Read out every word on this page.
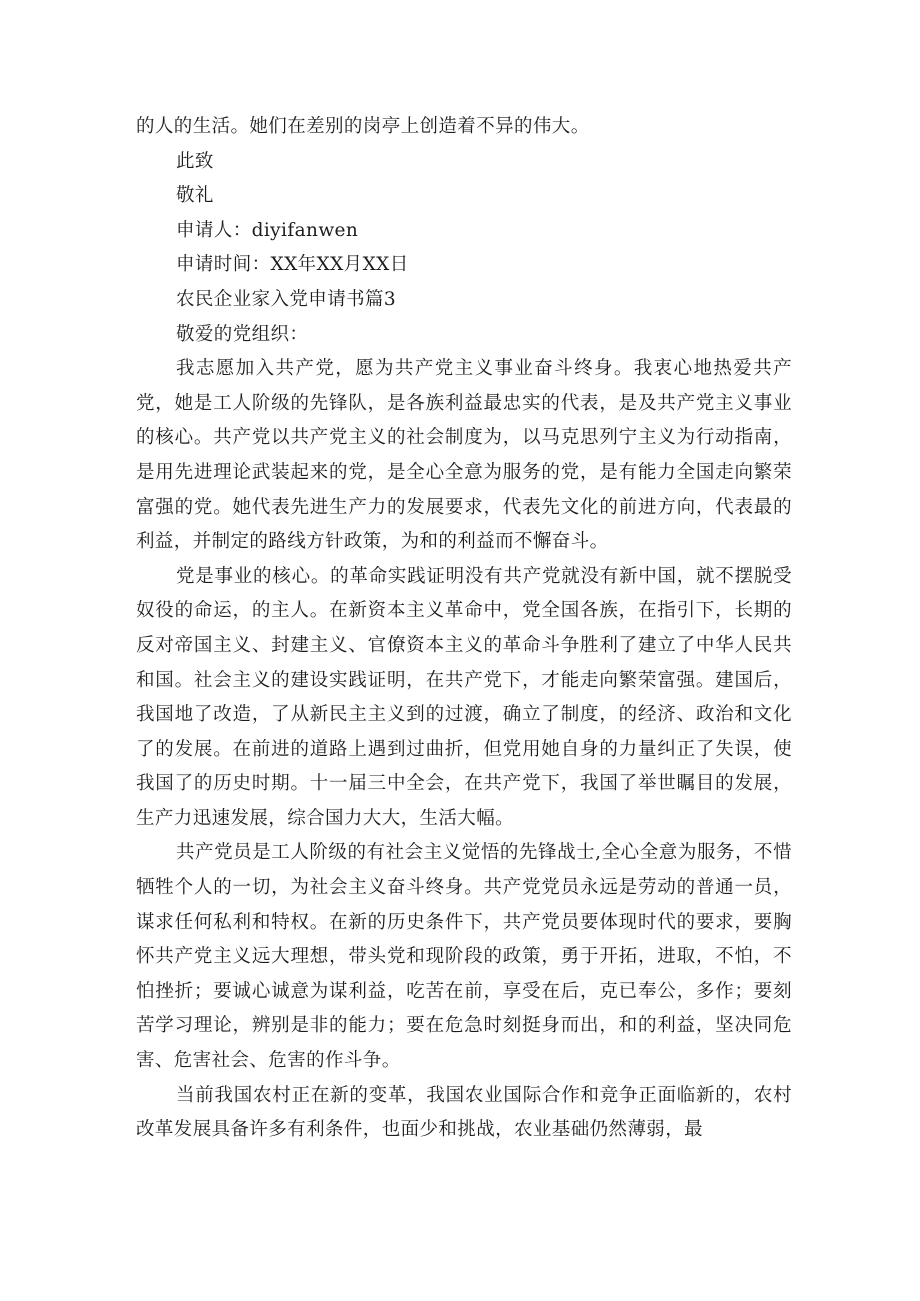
的人的生活。她们在差别的岗亭上创造着不异的伟大。
此致
敬礼
申请人：diyifanwen
申请时间：XX年XX月XX日
农民企业家入党申请书篇3
敬爱的党组织：
我志愿加入共产党，愿为共产党主义事业奋斗终身。我衷心地热爱共产党，她是工人阶级的先锋队，是各族利益最忠实的代表，是及共产党主义事业的核心。共产党以共产党主义的社会制度为，以马克思列宁主义为行动指南，是用先进理论武装起来的党，是全心全意为服务的党，是有能力全国走向繁荣富强的党。她代表先进生产力的发展要求，代表先文化的前进方向，代表最的利益，并制定的路线方针政策，为和的利益而不懈奋斗。
党是事业的核心。的革命实践证明没有共产党就没有新中国，就不摆脱受奴役的命运，的主人。在新资本主义革命中，党全国各族，在指引下，长期的反对帝国主义、封建主义、官僚资本主义的革命斗争胜利了建立了中华人民共和国。社会主义的建设实践证明，在共产党下，才能走向繁荣富强。建国后，我国地了改造，了从新民主主义到的过渡，确立了制度，的经济、政治和文化了的发展。在前进的道路上遇到过曲折，但党用她自身的力量纠正了失误，使我国了的历史时期。十一届三中全会，在共产党下，我国了举世瞩目的发展，生产力迅速发展，综合国力大大，生活大幅。
共产党员是工人阶级的有社会主义觉悟的先锋战士,全心全意为服务，不惜牺牲个人的一切，为社会主义奋斗终身。共产党党员永远是劳动的普通一员，谋求任何私利和特权。在新的历史条件下，共产党员要体现时代的要求，要胸怀共产党主义远大理想，带头党和现阶段的政策，勇于开拓，进取，不怕，不怕挫折；要诚心诚意为谋利益，吃苦在前，享受在后，克已奉公，多作；要刻苦学习理论，辨别是非的能力；要在危急时刻挺身而出，和的利益，坚决同危害、危害社会、危害的作斗争。
当前我国农村正在新的变革，我国农业国际合作和竞争正面临新的，农村改革发展具备许多有利条件，也面少和挑战，农业基础仍然薄弱，最
